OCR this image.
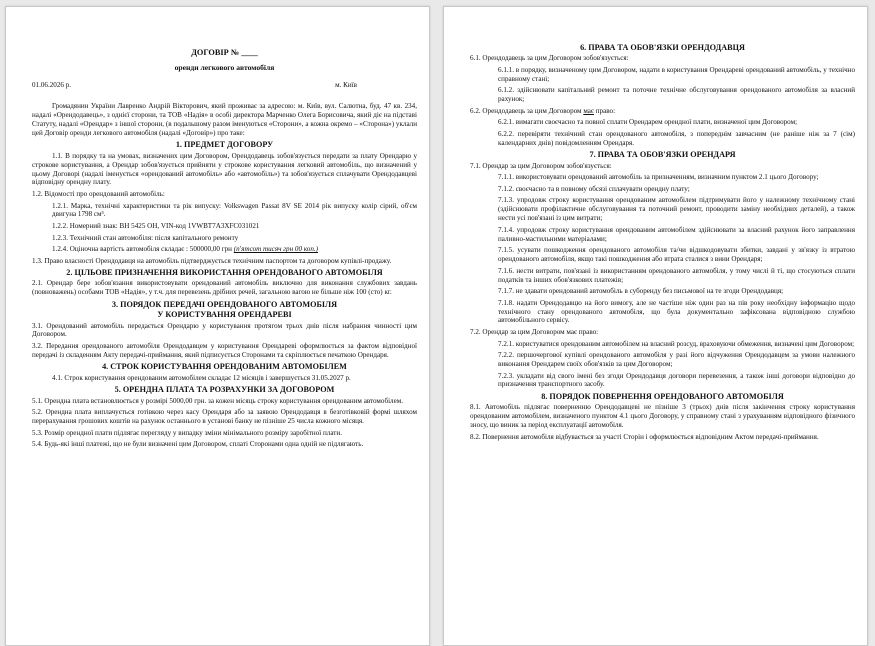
ДОГОВІР № ____
оренди легкового автомобіля
01.06.2026 р.	м. Київ

Громадянин України Лавренко Андрій Вікторович, який проживає за адресою: м. Київ, вул. Салютна, буд. 47 кв. 234, надалі «Орендодавець», з однієї сторони, та ТОВ «Надія» в особі директора Марченко Олега Борисовича, який діє на підставі Статуту, надалі «Орендар» з іншої сторони, (в подальшому разом іменуються «Сторони», а кожна окремо – «Сторона») уклали цей Договір оренди легкового автомобіля (надалі «Договір») про таке:

1. ПРЕДМЕТ ДОГОВОРУ

1.1. В порядку та на умовах, визначених цим Договором, Орендодавець зобов'язується передати за плату Орендарю у строкове користування, а Орендар зобов'язується прийняти у строкове користування легковий автомобіль, що визначений у цьому Договорі (надалі іменується «орендований автомобіль» або «автомобіль») та зобов'язується сплачувати Орендодавцеві відповідну орендну плату.

1.2. Відомості про орендований автомобіль:

1.2.1. Марка, технічні характеристики та рік випуску: Volkswagen Passat 8V SE 2014 рік випуску колір сірий, об'єм двигуна 1798 см³.

1.2.2. Номерний знак: ВН 5425 ОН, VIN-код 1VWBT7A3XFC031021

1.2.3. Технічний стан автомобіля: після капітального ремонту

1.2.4. Оціночна вартість автомобіля складає : 500000,00 грн (п'ятсот тисяч грн 00 коп.)

1.3. Право власності Орендодавця на автомобіль підтверджується технічним паспортом та договором купівлі-продажу.

2. ЦІЛЬОВЕ ПРИЗНАЧЕННЯ ВИКОРИСТАННЯ ОРЕНДОВАНОГО АВТОМОБІЛЯ

2.1. Орендар бере зобов'язання використовувати орендований автомобіль виключно для виконання службових завдань (повноважень) особами ТОВ «Надія», у т.ч. для перевезень дрібних речей, загальною вагою не більше ніж 100 (сто) кг.

3. ПОРЯДОК ПЕРЕДАЧІ ОРЕНДОВАНОГО АВТОМОБІЛЯ
У КОРИСТУВАННЯ ОРЕНДАРЕВІ

3.1. Орендований автомобіль передається Орендарю у користування протягом трьох днів після набрання чинності цим Договором.

3.2. Передання орендованого автомобіля Орендодавцем у користування Орендареві оформлюється за фактом відповідної передачі із складенням Акту передачі-приймання, який підписується Сторонами та скріплюється печаткою Орендаря.

4. СТРОК КОРИСТУВАННЯ ОРЕНДОВАНИМ АВТОМОБІЛЕМ

4.1. Строк користування орендованим автомобілем складає 12 місяців і завершується 31.05.2027 р.

5. ОРЕНДНА ПЛАТА ТА РОЗРАХУНКИ ЗА ДОГОВОРОМ

5.1. Орендна плата встановлюється у розмірі 5000,00 грн. за кожен місяць строку користування орендованим автомобілем.

5.2. Орендна плата виплачується готівкою через касу Орендаря або за заявою Орендодавця в безготівковій формі шляхом перерахування грошових коштів на рахунок останнього в установі банку не пізніше 25 числа кожного місяця.

5.3. Розмір орендної плати підлягає перегляду у випадку зміни мінімального розміру заробітної плати.

5.4. Будь-які інші платежі, що не були визначені цим Договором, сплаті Сторонами одна одній не підлягають.

6. ПРАВА ТА ОБОВ'ЯЗКИ ОРЕНДОДАВЦЯ

6.1. Орендодавець за цим Договором зобов'язується:

6.1.1. в порядку, визначеному цим Договором, надати в користування Орендареві орендований автомобіль, у технічно справному стані;

6.1.2. здійснювати капітальний ремонт та поточне технічне обслуговування орендованого автомобіля за власний рахунок;

6.2. Орендодавець за цим Договором має право:

6.2.1. вимагати своєчасно та повної сплати Орендарем орендної плати, визначеної цим Договором;

6.2.2. перевіряти технічний стан орендованого автомобіля, з попереднім завчасним (не раніше ніж за 7 (сім) календарних днів) повідомленням Орендаря.

7. ПРАВА ТА ОБОВ'ЯЗКИ ОРЕНДАРЯ

7.1. Орендар за цим Договором зобов'язується:

7.1.1. використовувати орендований автомобіль за призначенням, визначним пунктом 2.1 цього Договору;

7.1.2. своєчасно та в повному обсязі сплачувати орендну плату;

7.1.3. упродовж строку користування орендованим автомобілем підтримувати його у належному технічному стані (здійснювати профілактичне обслуговування та поточний ремонт, проводити заміну необхідних деталей), а також нести усі пов'язані із цим витрати;

7.1.4. упродовж строку користування орендованим автомобілем здійснювати за власний рахунок його заправлення паливно-мастильними матеріалами;

7.1.5. усувати пошкодження орендованого автомобіля та/чи відшкодовувати збитки, завдані у зв'язку із втратою орендованого автомобіля, якщо такі пошкодження або втрата сталися з вини Орендаря;

7.1.6. нести витрати, пов'язані із використанням орендованого автомобіля, у тому числі й ті, що стосуються сплати податків та інших обов'язкових платежів;

7.1.7. не здавати орендований автомобіль в суборенду без письмової на те згоди Орендодавця;

7.1.8. надати Орендодавцю на його вимогу, але не частіше ніж один раз на пів року необхідну інформацію щодо технічного стану орендованого автомобіля, що була документально зафіксована відповідною службою автомобільного сервісу.

7.2. Орендар за цим Договором має право:

7.2.1. користуватися орендованим автомобілем на власний розсуд, враховуючи обмеження, визначені цим Договором;

7.2.2. першочергової купівлі орендованого автомобіля у разі його відчуження Орендодавцем за умови належного виконання Орендарем своїх обов'язків за цим Договором;

7.2.3. укладати від свого імені без згоди Орендодавця договори перевезення, а також інші договори відповідно до призначення транспортного засобу.

8. ПОРЯДОК ПОВЕРНЕННЯ ОРЕНДОВАНОГО АВТОМОБІЛЯ

8.1. Автомобіль підлягає поверненню Орендодавцеві не пізніше 3 (трьох) днів після закінчення строку користування орендованим автомобілем, визначеного пунктом 4.1 цього Договору, у справному стані з урахуванням відповідного фізичного зносу, що виник за період експлуатації автомобіля.

8.2. Повернення автомобіля відбувається за участі Сторін і оформлюється відповідним Актом передачі-приймання.
